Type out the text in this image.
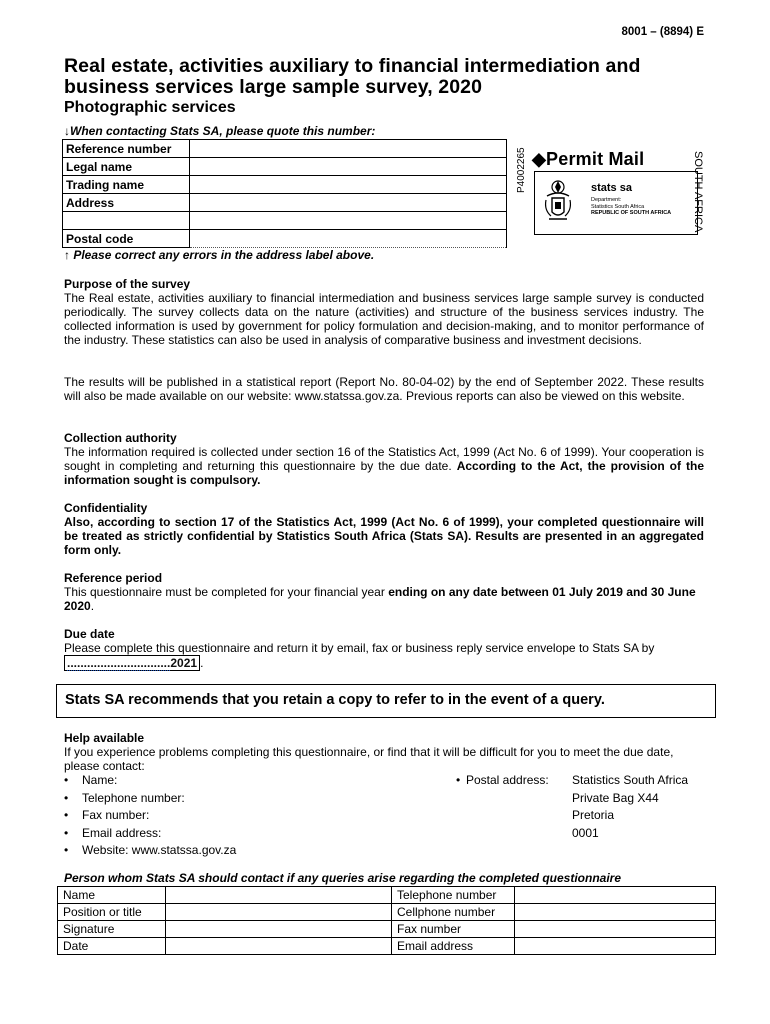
8001 – (8894) E
Real estate, activities auxiliary to financial intermediation and business services large sample survey, 2020
Photographic services
↓When contacting Stats SA, please quote this number:
Reference number	
Legal name	
Trading name	
Address	

Postal code	
↑ Please correct any errors in the address label above.
P4002265 ◆Permit Mail
stats sa
Department:
Statistics South Africa
REPUBLIC OF SOUTH AFRICA SOUTH AFRICA
Purpose of the survey
The Real estate, activities auxiliary to financial intermediation and business services large sample survey is conducted periodically. The survey collects data on the nature (activities) and structure of the business services industry. The collected information is used by government for policy formulation and decision-making, and to monitor performance of the industry. These statistics can also be used in analysis of comparative business and investment decisions.
The results will be published in a statistical report (Report No. 80-04-02) by the end of September 2022. These results will also be made available on our website: www.statssa.gov.za. Previous reports can also be viewed on this website.
Collection authority
The information required is collected under section 16 of the Statistics Act, 1999 (Act No. 6 of 1999). Your cooperation is sought in completing and returning this questionnaire by the due date. According to the Act, the provision of the information sought is compulsory.
Confidentiality
Also, according to section 17 of the Statistics Act, 1999 (Act No. 6 of 1999), your completed questionnaire will be treated as strictly confidential by Statistics South Africa (Stats SA). Results are presented in an aggregated form only.
Reference period
This questionnaire must be completed for your financial year ending on any date between 01 July 2019 and 30 June 2020.
Due date
Please complete this questionnaire and return it by email, fax or business reply service envelope to Stats SA by
...............................2021 .
Stats SA recommends that you retain a copy to refer to in the event of a query.
Help available
If you experience problems completing this questionnaire, or find that it will be difficult for you to meet the due date, please contact:
• Name:
• Telephone number:
• Fax number:
• Email address:
• Website: www.statssa.gov.za
• Postal address: Statistics South Africa
Private Bag X44
Pretoria
0001
Person whom Stats SA should contact if any queries arise regarding the completed questionnaire
Name		Telephone number	
Position or title		Cellphone number	
Signature		Fax number	
Date		Email address	
